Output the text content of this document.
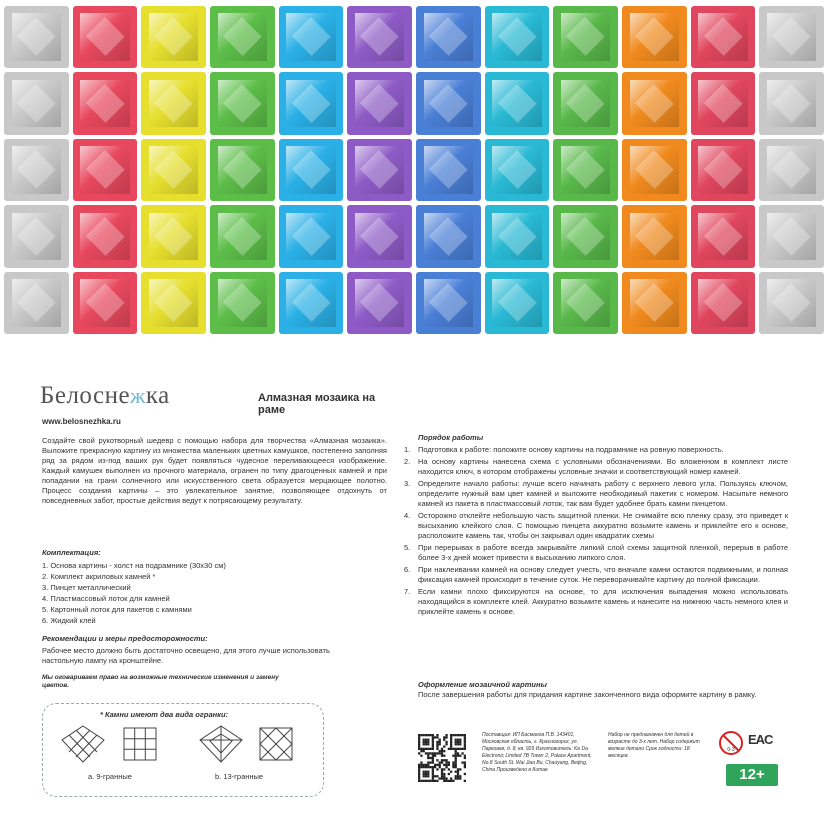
Белоснежка
www.belosnezhka.ru
Алмазная мозаика на раме
Создайте свой рукотворный шедевр с помощью набора для творчества «Алмазная мозаика». Выложите прекрасную картину из множества маленьких цветных камушков, постепенно заполняя ряд за рядом из-под ваших рук будет появляться чудесное переливающееся изображение. Каждый камушек выполнен из прочного материала, огранен по типу драгоценных камней и при попадании на грани солнечного или искусственного света образуется мерцающее полотно. Процесс создания картины – это увлекательное занятие, позволяющее отдохнуть от повседневных забот, простые действия ведут к потрясающему результату.
Комплектация:
1. Основа картины - холст на подрамнике (30х30 см)
2. Комплект акриловых камней *
3. Пинцет металлический
4. Пластмассовый лоток для камней
5. Картонный лоток для пакетов с камнями
6. Жидкий клей
Рекомендации и меры предосторожности:
Рабочее место должно быть достаточно освещено, для этого лучше использовать настольную лампу на кронштейне.
Мы оговариваем право на возможные технические изменения и замену цветов.
* Камни имеют два вида огранки:
а. 9-гранные	b. 13-гранные
Порядок работы
1.	Подготовка к работе: положите основу картины на подрамнике на ровную поверхность.
2.	На основу картины нанесена схема с условными обозначениями. Во вложенном в комплект листе находится ключ, в котором отображены условные значки и соответствующий номер камней.
3.	Определите начало работы: лучше всего начинать работу с верхнего левого угла. Пользуясь ключом, определите нужный вам цвет камней и выложите необходимый пакетик с номером. Насыпьте немного камней из пакета в пластмассовый лоток, так вам будет удобнее брать камни пинцетом.
4.	Осторожно отклейте небольшую часть защитной пленки. Не снимайте всю пленку сразу, это приведет к высыханию клейкого слоя. С помощью пинцета аккуратно возьмите камень и приклейте его к основе, расположите камень так, чтобы он закрывал один квадратик схемы
5.	При перерывах в работе всегда закрывайте липкий слой схемы защитной пленкой, перерыв в работе более 3-х дней может привести к высыханию липкого слоя.
6.	При наклеивании камней на основу следует учесть, что вначале камни остаются подвижными, и полная фиксация камней происходит в течение суток. Не переворачивайте картину до полной фиксации.
7.	Если камни плохо фиксируются на основе, то для исключения выпадения можно использовать находящийся в комплекте клей. Аккуратно возьмите камень и нанесите на нижнюю часть немного клея и приклейте камень к основе.
Оформление мозаичной картины
После завершения работы для придания картине законченного вида оформите картину в рамку.
Поставщик: ИП Басманов П.В. 143401, Московская область, г. Красногорск, ул. Парковая, д. 8, кв. 929 Изготовитель: Ke Da Electronic Limited 7B Tower 2, Palace Apartment, No.8 South St. Wai Jiao Bu, Chaoyang, Beijing, China Произведено в Китае
Набор не предназначен для детей в возрасте до 3-х лет. Набор содержит мелкие детали Срок годности: 18 месяцев.
0-3
EAC
12+
